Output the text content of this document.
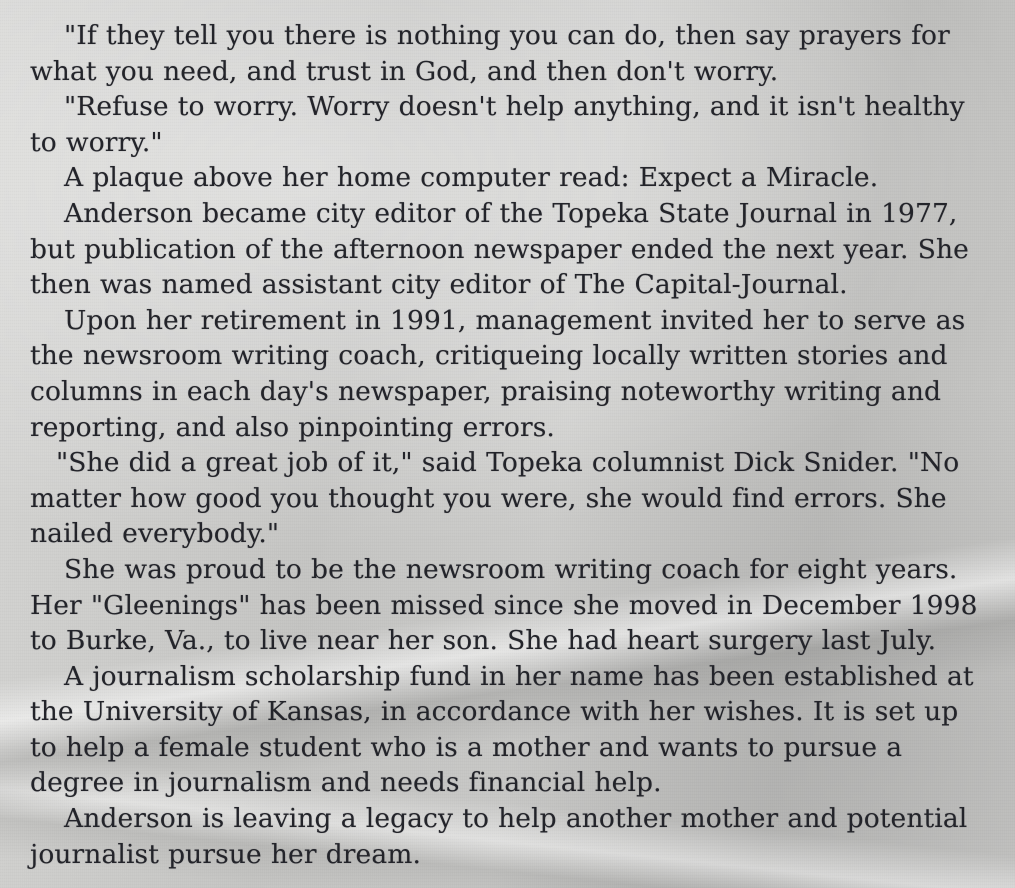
"If they tell you there is nothing you can do, then say prayers for what you need, and trust in God, and then don't worry.

"Refuse to worry. Worry doesn't help anything, and it isn't healthy to worry."

A plaque above her home computer read: Expect a Miracle.

Anderson became city editor of the Topeka State Journal in 1977, but publication of the afternoon newspaper ended the next year. She then was named assistant city editor of The Capital-Journal.

Upon her retirement in 1991, management invited her to serve as the newsroom writing coach, critiqueing locally written stories and columns in each day's newspaper, praising noteworthy writing and reporting, and also pinpointing errors.

"She did a great job of it," said Topeka columnist Dick Snider. "No matter how good you thought you were, she would find errors. She nailed everybody."

She was proud to be the newsroom writing coach for eight years. Her "Gleenings" has been missed since she moved in December 1998 to Burke, Va., to live near her son. She had heart surgery last July.

A journalism scholarship fund in her name has been established at the University of Kansas, in accordance with her wishes. It is set up to help a female student who is a mother and wants to pursue a degree in journalism and needs financial help.

Anderson is leaving a legacy to help another mother and potential journalist pursue her dream.
